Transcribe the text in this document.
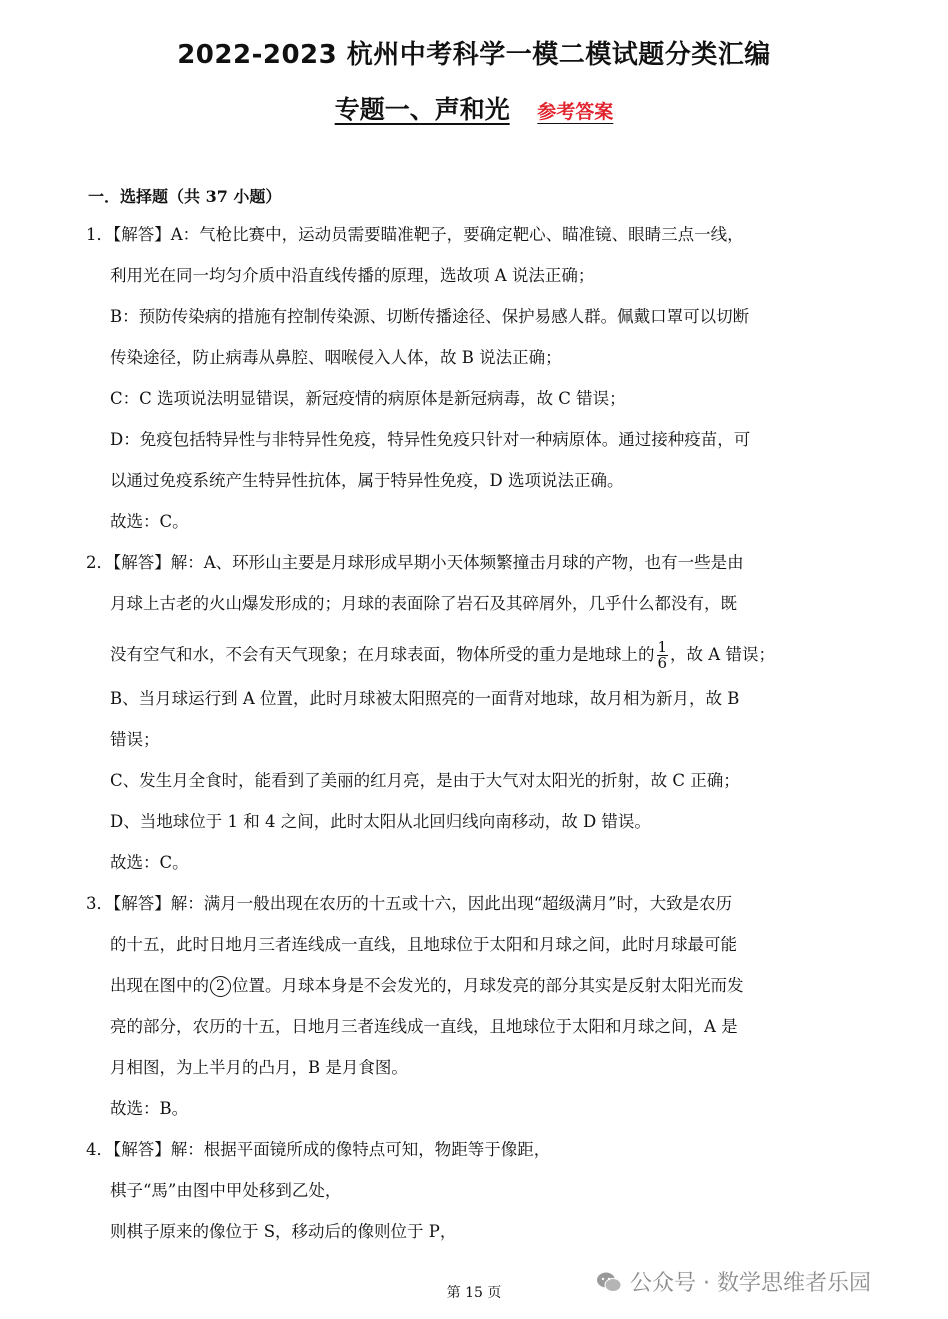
2022-2023 杭州中考科学一模二模试题分类汇编
专题一、声和光 参考答案
一．选择题（共 37 小题）
1．【解答】A：气枪比赛中，运动员需要瞄准靶子，要确定靶心、瞄准镜、眼睛三点一线，
利用光在同一均匀介质中沿直线传播的原理，选故项 A 说法正确；
B：预防传染病的措施有控制传染源、切断传播途径、保护易感人群。佩戴口罩可以切断
传染途径，防止病毒从鼻腔、咽喉侵入人体，故 B 说法正确；
C：C 选项说法明显错误，新冠疫情的病原体是新冠病毒，故 C 错误；
D：免疫包括特异性与非特异性免疫，特异性免疫只针对一种病原体。通过接种疫苗，可
以通过免疫系统产生特异性抗体，属于特异性免疫，D 选项说法正确。
故选：C。
2．【解答】解：A、环形山主要是月球形成早期小天体频繁撞击月球的产物，也有一些是由
月球上古老的火山爆发形成的；月球的表面除了岩石及其碎屑外，几乎什么都没有，既
没有空气和水，不会有天气现象；在月球表面，物体所受的重力是地球上的 $\frac{1}{6}$ ，故 A 错误；
B、当月球运行到 A 位置，此时月球被太阳照亮的一面背对地球，故月相为新月，故 B
错误；
C、发生月全食时，能看到了美丽的红月亮，是由于大气对太阳光的折射，故 C 正确；
D、当地球位于 1 和 4 之间，此时太阳从北回归线向南移动，故 D 错误。
故选：C。
3．【解答】解：满月一般出现在农历的十五或十六，因此出现“超级满月”时，大致是农历
的十五，此时日地月三者连线成一直线，且地球位于太阳和月球之间，此时月球最可能
出现在图中的 2 位置。月球本身是不会发光的，月球发亮的部分其实是反射太阳光而发
亮的部分，农历的十五，日地月三者连线成一直线，且地球位于太阳和月球之间，A 是
月相图，为上半月的凸月，B 是月食图。
故选：B。
4．【解答】解：根据平面镜所成的像特点可知，物距等于像距，
棋子“馬”由图中甲处移到乙处，
则棋子原来的像位于 S，移动后的像则位于 P，
公众号 · 数学思维者乐园
第 15 页
